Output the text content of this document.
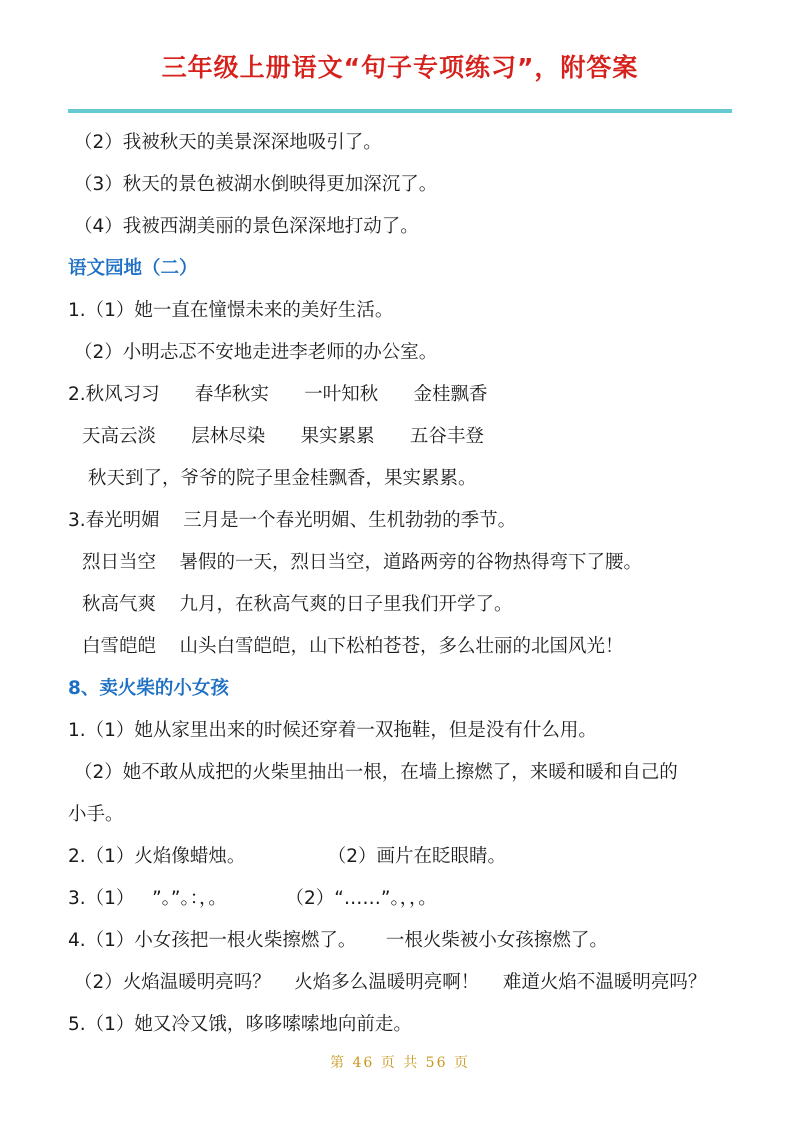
三年级上册语文“句子专项练习”，附答案
（2）我被秋天的美景深深地吸引了。
（3）秋天的景色被湖水倒映得更加深沉了。
（4）我被西湖美丽的景色深深地打动了。
语文园地（二）
1.（1）她一直在憧憬未来的美好生活。
（2）小明忐忑不安地走进李老师的办公室。
2.秋风习习      春华秋实      一叶知秋      金桂飘香
天高云淡      层林尽染      果实累累      五谷丰登
秋天到了，爷爷的院子里金桂飘香，果实累累。
3.春光明媚    三月是一个春光明媚、生机勃勃的季节。
烈日当空    暑假的一天，烈日当空，道路两旁的谷物热得弯下了腰。
秋高气爽    九月，在秋高气爽的日子里我们开学了。
白雪皑皑    山头白雪皑皑，山下松柏苍苍，多么壮丽的北国风光！
8、卖火柴的小女孩
1.（1）她从家里出来的时候还穿着一双拖鞋，但是没有什么用。
（2）她不敢从成把的火柴里抽出一根，在墙上擦燃了，来暖和暖和自己的
小手。
2.（1）火焰像蜡烛。              （2）画片在眨眼睛。
3.（1）   ”。”。：，。          （2）“……”。，，。
4.（1）小女孩把一根火柴擦燃了。     一根火柴被小女孩擦燃了。
（2）火焰温暖明亮吗？    火焰多么温暖明亮啊！    难道火焰不温暖明亮吗？
5.（1）她又冷又饿，哆哆嗦嗦地向前走。
第 46 页 共 56 页
